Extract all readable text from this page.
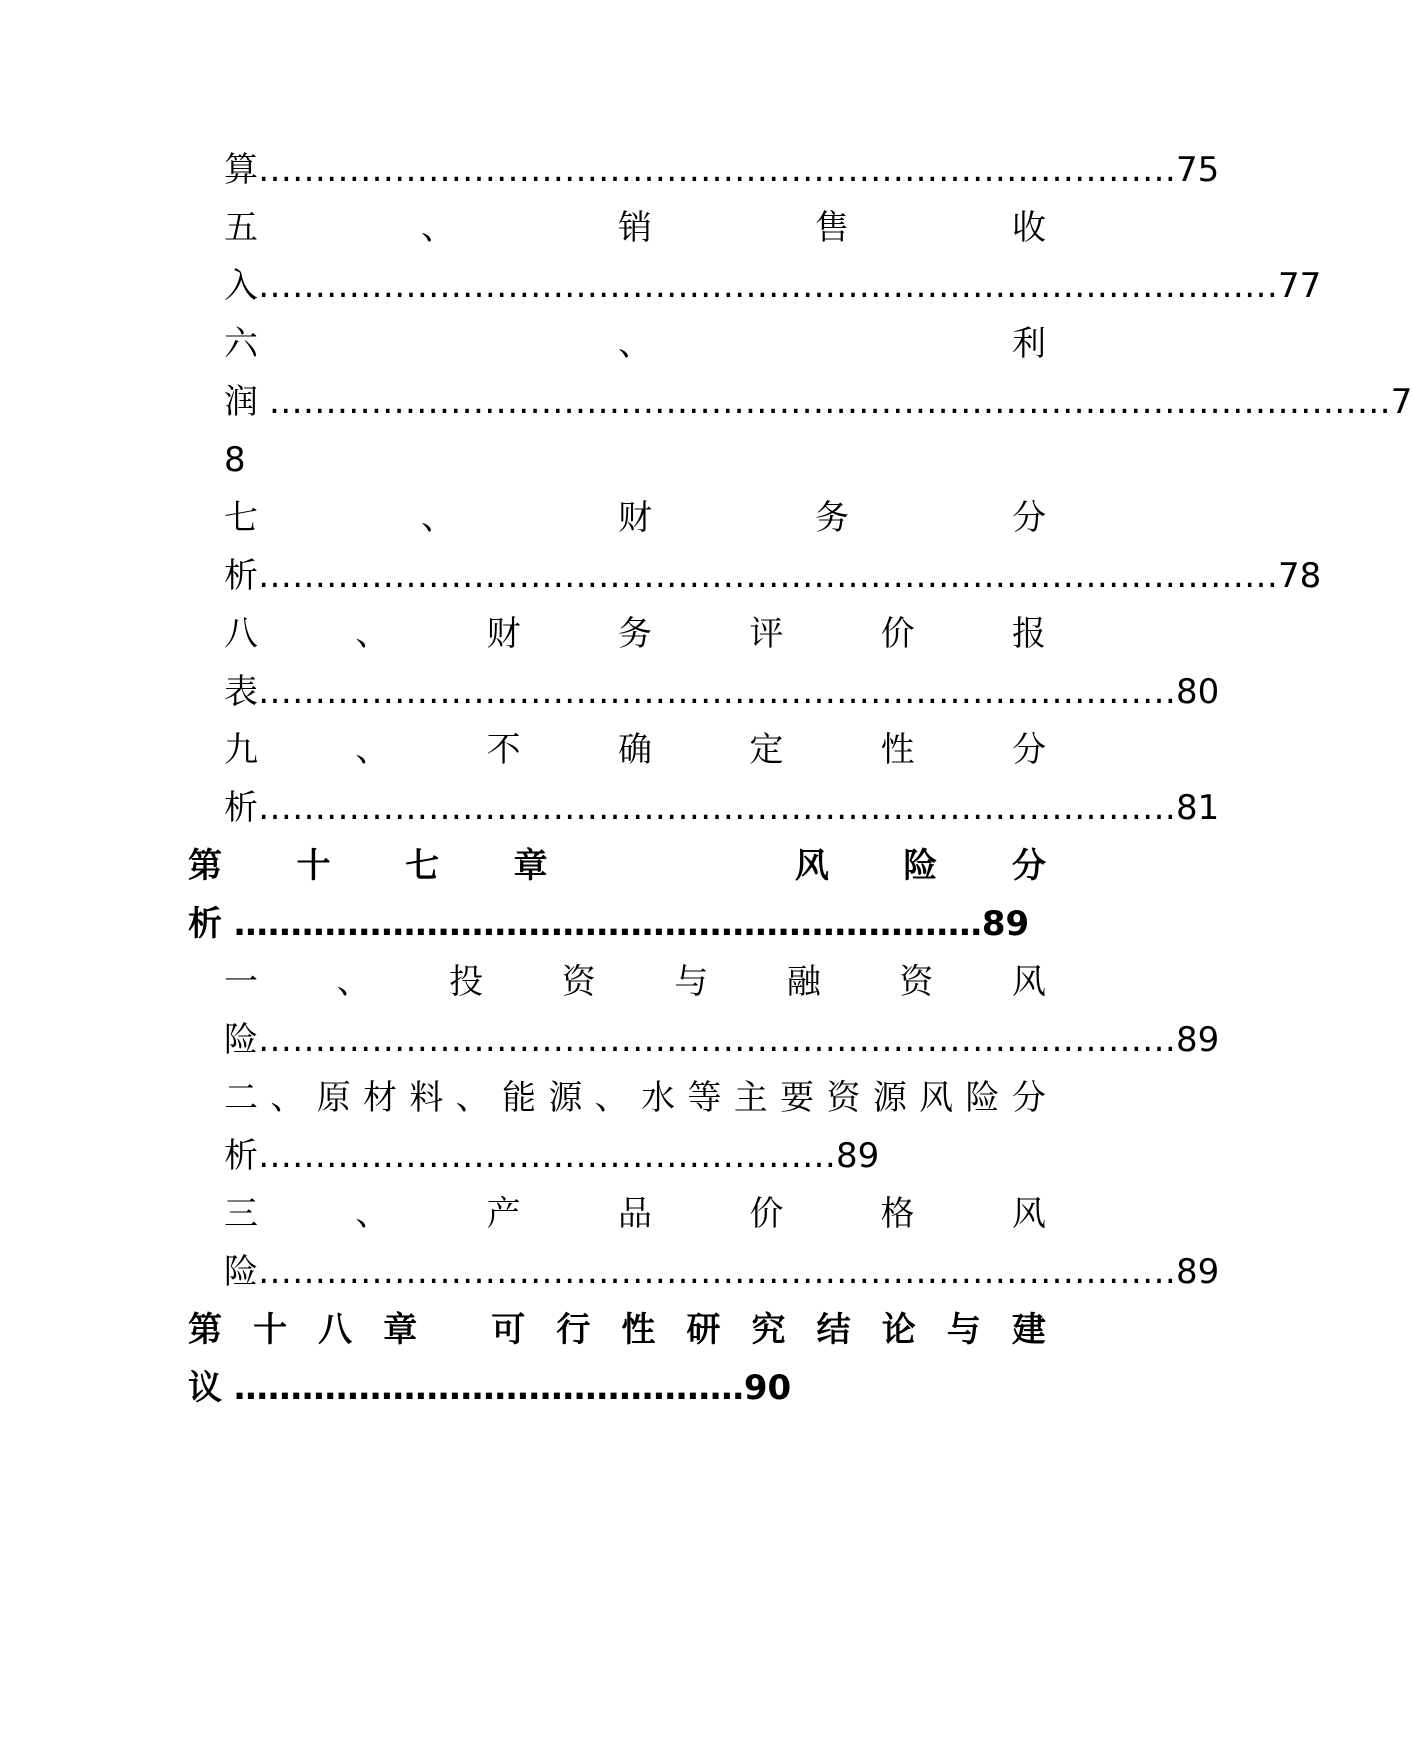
算………………………………………………………………………75
五	、	销	售	收
入………………………………………………………………………………77
六	、	利
润 ………………………………………………………………………………………7
8
七	、	财	务	分
析………………………………………………………………………………78
八	、	财	务	评	价	报
表………………………………………………………………………80
九	、	不	确	定	性	分
析………………………………………………………………………81
第 十 七 章

	风 险 分
析 …………………………………………………………89
一 、 投 资 与 融 资 风
险………………………………………………………………………89
二 、 原 材 料 、 能 源 、 水 等 主 要 资 源 风 险 分
析……………………………………………89
三	、	产	品	价	格	风
险………………………………………………………………………89
第 十 八 章
可 行 性 研 究 结 论 与 建
议 ………………………………………90
